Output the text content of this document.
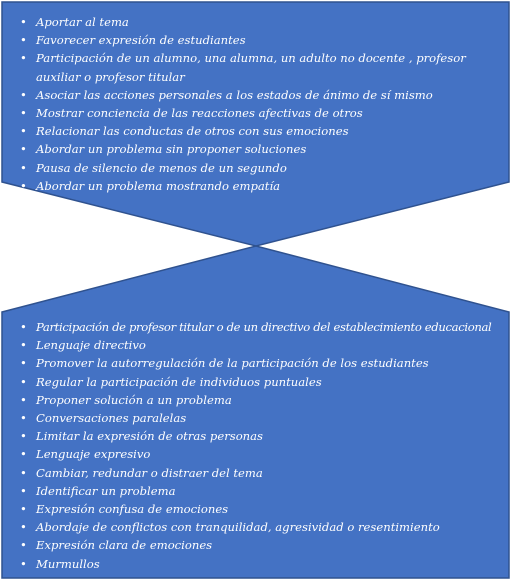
• Aportar al tema
• Favorecer expresión de estudiantes
• Participación de un alumno, una alumna, un adulto no docente , profesor auxiliar o profesor titular
• Asociar las acciones personales a los estados de ánimo de sí mismo
• Mostrar conciencia de las reacciones afectivas de otros
• Relacionar las conductas de otros con sus emociones
• Abordar un problema sin proponer soluciones
• Pausa de silencio de menos de un segundo
• Abordar un problema mostrando empatía
• Participación de profesor titular o de un directivo del establecimiento educacional
• Lenguaje directivo
• Promover la autorregulación de la participación de los estudiantes
• Regular la participación de individuos puntuales
• Proponer solución a un problema
• Conversaciones paralelas
• Limitar la expresión de otras personas
• Lenguaje expresivo
• Cambiar, redundar o distraer del tema
• Identificar un problema
• Expresión confusa de emociones
• Abordaje de conflictos con tranquilidad, agresividad o resentimiento
• Expresión clara de emociones
• Murmullos
